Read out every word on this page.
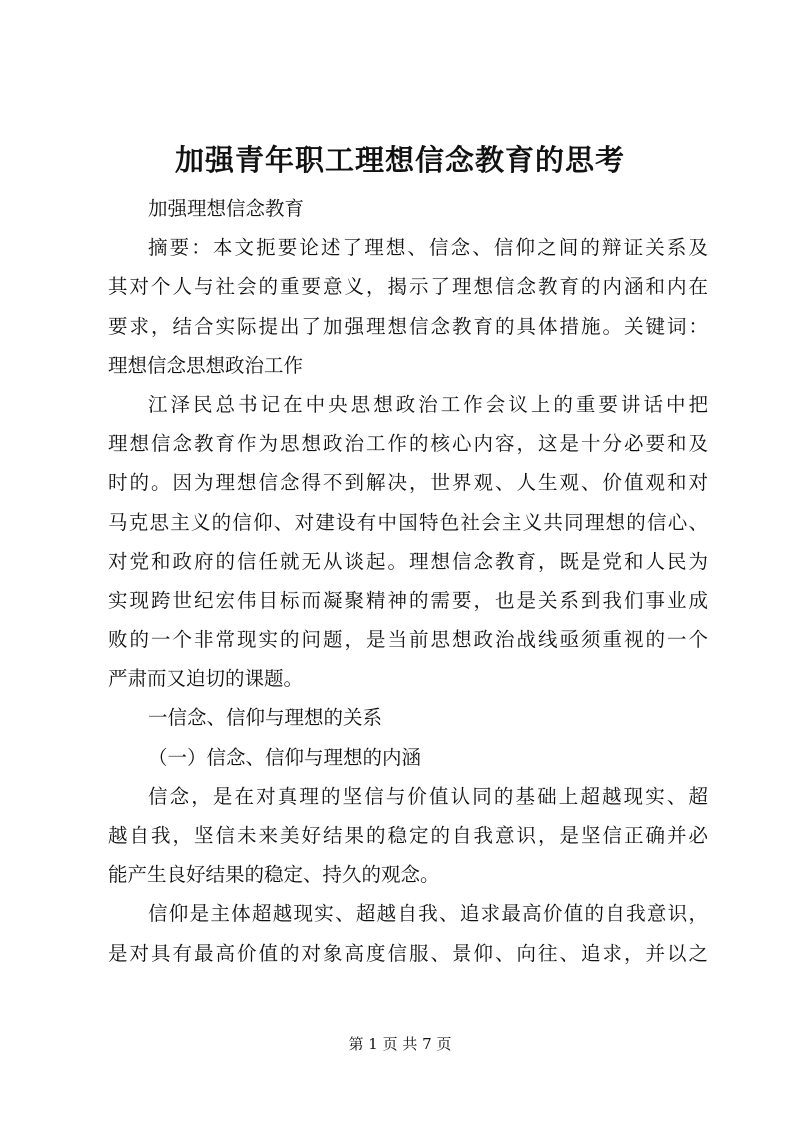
加强青年职工理想信念教育的思考
加强理想信念教育
摘要：本文扼要论述了理想、信念、信仰之间的辩证关系及
其对个人与社会的重要意义，揭示了理想信念教育的内涵和内在
要求，结合实际提出了加强理想信念教育的具体措施。关键词：
理想信念思想政治工作
江泽民总书记在中央思想政治工作会议上的重要讲话中把
理想信念教育作为思想政治工作的核心内容，这是十分必要和及
时的。因为理想信念得不到解决，世界观、人生观、价值观和对
马克思主义的信仰、对建设有中国特色社会主义共同理想的信心、
对党和政府的信任就无从谈起。理想信念教育，既是党和人民为
实现跨世纪宏伟目标而凝聚精神的需要，也是关系到我们事业成
败的一个非常现实的问题，是当前思想政治战线亟须重视的一个
严肃而又迫切的课题。
一信念、信仰与理想的关系
（一）信念、信仰与理想的内涵
信念，是在对真理的坚信与价值认同的基础上超越现实、超
越自我，坚信未来美好结果的稳定的自我意识，是坚信正确并必
能产生良好结果的稳定、持久的观念。
信仰是主体超越现实、超越自我、追求最高价值的自我意识，
是对具有最高价值的对象高度信服、景仰、向往、追求，并以之
第 1 页 共 7 页
